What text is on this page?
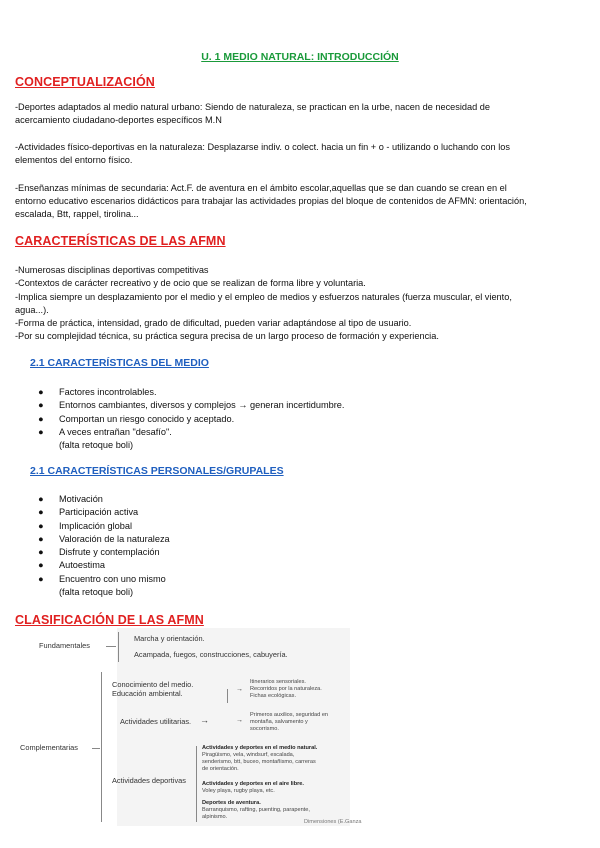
U. 1 MEDIO NATURAL: INTRODUCCIÓN
CONCEPTUALIZACIÓN
-Deportes adaptados al medio natural urbano: Siendo de naturaleza, se practican en la urbe, nacen de necesidad de acercamiento ciudadano-deportes específicos M.N
-Actividades físico-deportivas en la naturaleza: Desplazarse indiv. o colect. hacia un fin + o - utilizando o luchando con los elementos del entorno físico.
-Enseñanzas mínimas de secundaria: Act.F. de aventura en el ámbito escolar,aquellas que se dan cuando se crean en el entorno educativo escenarios didácticos para trabajar las actividades propias del bloque de contenidos de AFMN: orientación, escalada, Btt, rappel, tirolina...
CARACTERÍSTICAS DE LAS AFMN
-Numerosas disciplinas deportivas competitivas
-Contextos de carácter recreativo y de ocio que se realizan de forma libre y voluntaria.
-Implica siempre un desplazamiento por el medio y el empleo de medios y esfuerzos naturales (fuerza muscular, el viento, agua...).
-Forma de práctica, intensidad, grado de dificultad, pueden variar adaptándose al tipo de usuario.
-Por su complejidad técnica, su práctica segura precisa de un largo proceso de formación y experiencia.
2.1 CARACTERÍSTICAS DEL MEDIO
● Factores incontrolables.
● Entornos cambiantes, diversos y complejos → generan incertidumbre.
● Comportan un riesgo conocido y aceptado.
● A veces entrañan "desafío".
(falta retoque boli)
2.1 CARACTERÍSTICAS PERSONALES/GRUPALES
● Motivación
● Participación activa
● Implicación global
● Valoración de la naturaleza
● Disfrute y contemplación
● Autoestima
● Encuentro con uno mismo
(falta retoque boli)
CLASIFICACIÓN DE LAS AFMN
Fundamentales
Marcha y orientación.
Acampada, fuegos, construcciones, cabuyería.
Complementarias
Conocimiento del medio.
Educación ambiental.	→
Itinerarios sensoriales.
Recorridos por la naturaleza.
Fichas ecológicas.
Actividades utilitarias. →	→
Primeros auxilios, seguridad en
montaña, salvamento y
socorrismo.
Actividades deportivas
Actividades y deportes en el medio natural.
Piragüismo, vela, windsurf, escalada,
senderismo, btt, buceo, montañismo, carreras
de orientación.
Actividades y deportes en el aire libre.
Voley playa, rugby playa, etc.
Deportes de aventura.
Barranquismo, rafting, puenting, parapente,
alpinismo.
Dimensiones (E.Ganza
